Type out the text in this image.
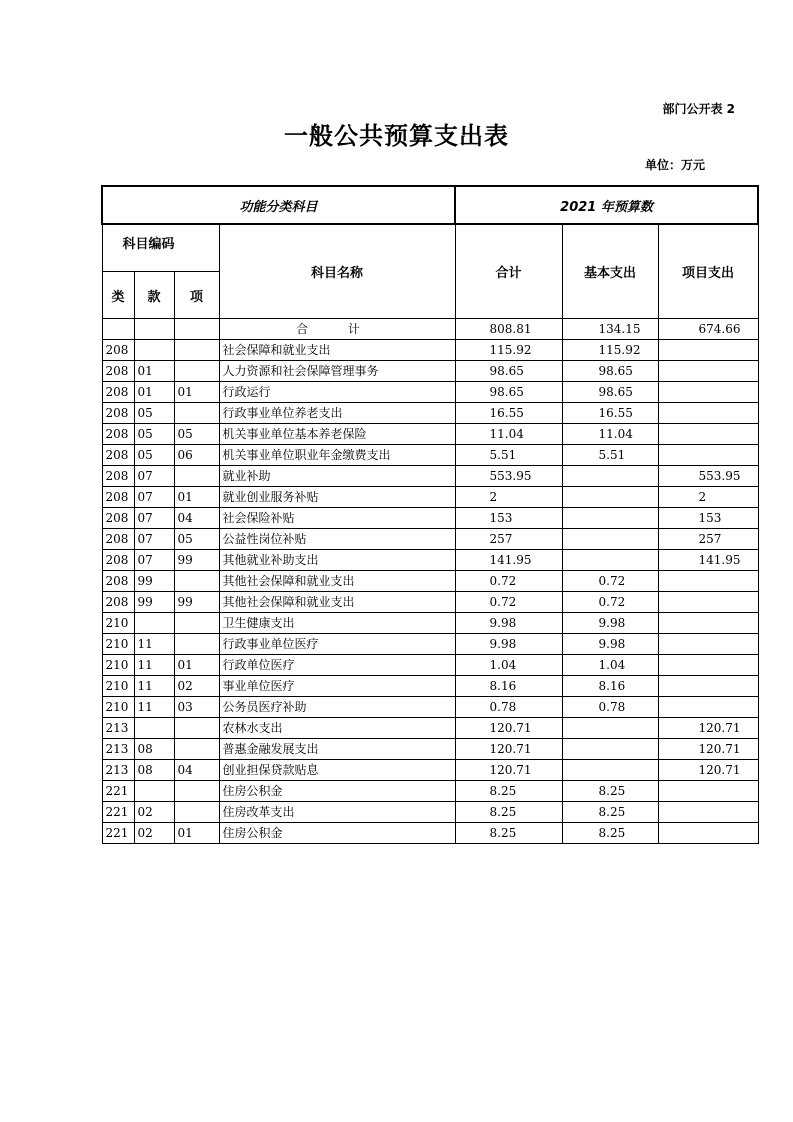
部门公开表 2
一般公共预算支出表
单位：万元
功能分类科目				2021 年预算数		
科目编码			科目名称	合计	基本支出	项目支出
类	款	项				
			合 计	808.81	134.15	674.66
208			社会保障和就业支出	115.92	115.92	
208	01		人力资源和社会保障管理事务	98.65	98.65	
208	01	01	行政运行	98.65	98.65	
208	05		行政事业单位养老支出	16.55	16.55	
208	05	05	机关事业单位基本养老保险	11.04	11.04	
208	05	06	机关事业单位职业年金缴费支出	5.51	5.51	
208	07		就业补助	553.95		553.95
208	07	01	就业创业服务补贴	2		2
208	07	04	社会保险补贴	153		153
208	07	05	公益性岗位补贴	257		257
208	07	99	其他就业补助支出	141.95		141.95
208	99		其他社会保障和就业支出	0.72	0.72	
208	99	99	其他社会保障和就业支出	0.72	0.72	
210			卫生健康支出	9.98	9.98	
210	11		行政事业单位医疗	9.98	9.98	
210	11	01	行政单位医疗	1.04	1.04	
210	11	02	事业单位医疗	8.16	8.16	
210	11	03	公务员医疗补助	0.78	0.78	
213			农林水支出	120.71		120.71
213	08		普惠金融发展支出	120.71		120.71
213	08	04	创业担保贷款贴息	120.71		120.71
221			住房公积金	8.25	8.25	
221	02		住房改革支出	8.25	8.25	
221	02	01	住房公积金	8.25	8.25	
